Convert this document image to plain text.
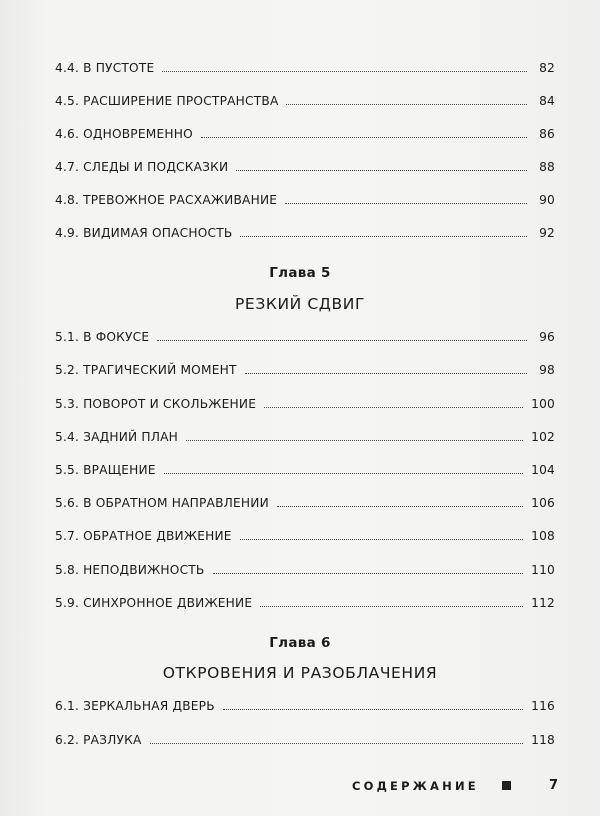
4.4. В ПУСТОТЕ	82
4.5. РАСШИРЕНИЕ ПРОСТРАНСТВА	84
4.6. ОДНОВРЕМЕННО	86
4.7. СЛЕДЫ И ПОДСКАЗКИ	88
4.8. ТРЕВОЖНОЕ РАСХАЖИВАНИЕ	90
4.9. ВИДИМАЯ ОПАСНОСТЬ	92
Глава 5
РЕЗКИЙ СДВИГ
5.1. В ФОКУСЕ	96
5.2. ТРАГИЧЕСКИЙ МОМЕНТ	98
5.3. ПОВОРОТ И СКОЛЬЖЕНИЕ	100
5.4. ЗАДНИЙ ПЛАН	102
5.5. ВРАЩЕНИЕ	104
5.6. В ОБРАТНОМ НАПРАВЛЕНИИ	106
5.7. ОБРАТНОЕ ДВИЖЕНИЕ	108
5.8. НЕПОДВИЖНОСТЬ	110
5.9. СИНХРОННОЕ ДВИЖЕНИЕ	112
Глава 6
ОТКРОВЕНИЯ И РАЗОБЛАЧЕНИЯ
6.1. ЗЕРКАЛЬНАЯ ДВЕРЬ	116
6.2. РАЗЛУКА	118
СОДЕРЖАНИЕ	7
